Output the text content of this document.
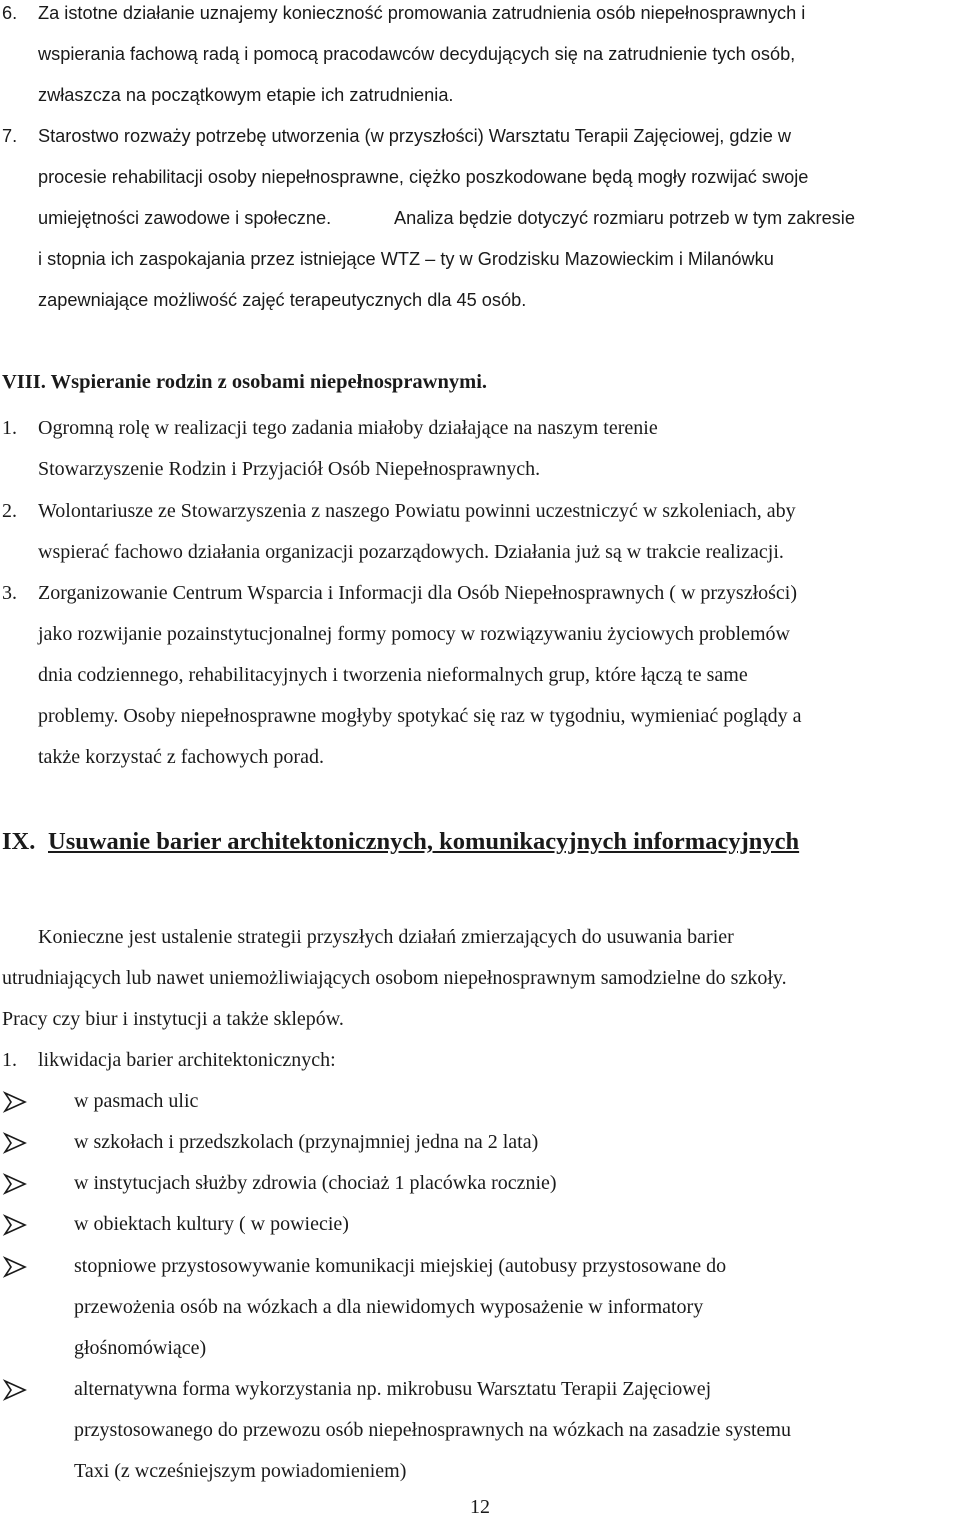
6. Za istotne działanie uznajemy konieczność promowania zatrudnienia osób niepełnosprawnych i
wspierania fachową radą i pomocą pracodawców decydujących się na zatrudnienie tych osób,
zwłaszcza na początkowym etapie ich zatrudnienia.
7. Starostwo rozważy potrzebę utworzenia (w przyszłości) Warsztatu Terapii Zajęciowej, gdzie w
procesie rehabilitacji osoby niepełnosprawne, ciężko poszkodowane będą mogły rozwijać swoje
umiejętności zawodowe i społeczne.	Analiza będzie dotyczyć rozmiaru potrzeb w tym zakresie
i stopnia ich zaspokajania przez istniejące WTZ – ty w Grodzisku Mazowieckim i Milanówku
zapewniające możliwość zajęć terapeutycznych dla 45 osób.
VIII. Wspieranie rodzin z osobami niepełnosprawnymi.
1. Ogromną rolę w realizacji tego zadania miałoby działające na naszym terenie
Stowarzyszenie Rodzin i Przyjaciół Osób Niepełnosprawnych.
2. Wolontariusze ze Stowarzyszenia z naszego Powiatu powinni uczestniczyć w szkoleniach, aby
wspierać fachowo działania organizacji pozarządowych. Działania już są w trakcie realizacji.
3. Zorganizowanie Centrum Wsparcia i Informacji dla Osób Niepełnosprawnych ( w przyszłości)
jako rozwijanie pozainstytucjonalnej formy pomocy w rozwiązywaniu życiowych problemów
dnia codziennego, rehabilitacyjnych i tworzenia nieformalnych grup, które łączą te same
problemy. Osoby niepełnosprawne mogłyby spotykać się raz w tygodniu, wymieniać poglądy a
także korzystać z fachowych porad.
IX. Usuwanie barier architektonicznych, komunikacyjnych informacyjnych
Konieczne jest ustalenie strategii przyszłych działań zmierzających do usuwania barier
utrudniających lub nawet uniemożliwiających osobom niepełnosprawnym samodzielne do szkoły.
Pracy czy biur i instytucji a także sklepów.
1. likwidacja barier architektonicznych:
w pasmach ulic
w szkołach i przedszkolach (przynajmniej jedna na 2 lata)
w instytucjach służby zdrowia (chociaż 1 placówka rocznie)
w obiektach kultury ( w powiecie)
stopniowe przystosowywanie komunikacji miejskiej (autobusy przystosowane do
przewożenia osób na wózkach a dla niewidomych wyposażenie w informatory
głośnomówiące)
alternatywna forma wykorzystania np. mikrobusu Warsztatu Terapii Zajęciowej
przystosowanego do przewozu osób niepełnosprawnych na wózkach na zasadzie systemu
Taxi (z wcześniejszym powiadomieniem)
12
